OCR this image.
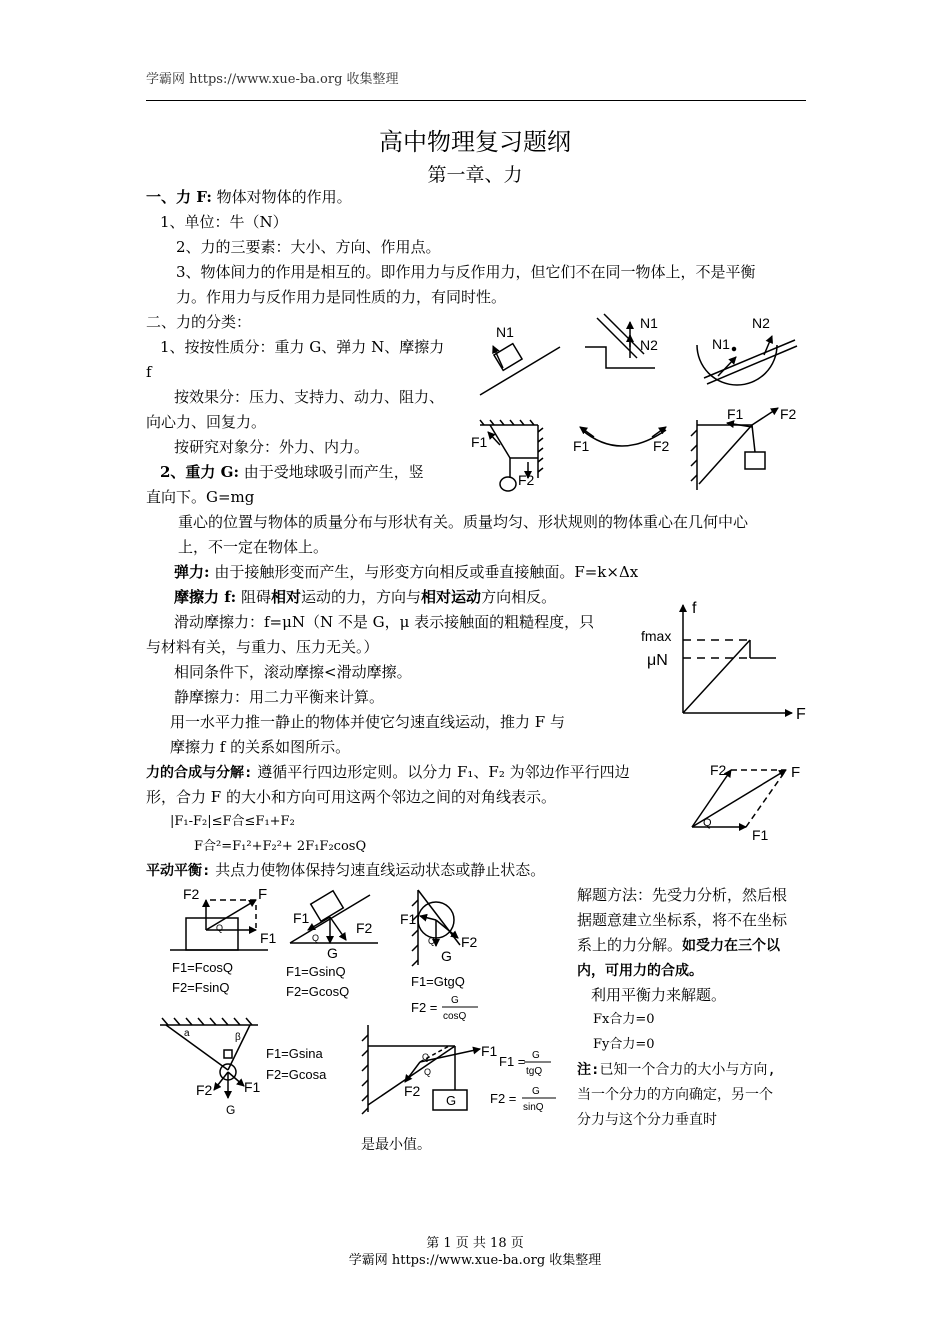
学霸网 https://www.xue-ba.org 收集整理
高中物理复习题纲
第一章、力
一、力 F: 物体对物体的作用。
1、单位：牛（N）
2、力的三要素：大小、方向、作用点。
3、物体间力的作用是相互的。即作用力与反作用力，但它们不在同一物体上，不是平衡
力。作用力与反作用力是同性质的力，有同时性。
二、力的分类：
1、按按性质分：重力 G、弹力 N、摩擦力
f
按效果分：压力、支持力、动力、阻力、
向心力、回复力。
按研究对象分：外力、内力。
2、重力 G: 由于受地球吸引而产生，竖
直向下。G=mg
重心的位置与物体的质量分布与形状有关。质量均匀、形状规则的物体重心在几何中心
上，不一定在物体上。
弹力: 由于接触形变而产生，与形变方向相反或垂直接触面。F=k×Δx
摩擦力 f: 阻碍相对运动的力，方向与相对运动方向相反。
滑动摩擦力：f=μN（N 不是 G，μ 表示接触面的粗糙程度，只
与材料有关，与重力、压力无关。）
相同条件下，滚动摩擦<滑动摩擦。
静摩擦力：用二力平衡来计算。
用一水平力推一静止的物体并使它匀速直线运动，推力 F 与
摩擦力 f 的关系如图所示。
力的合成与分解: 遵循平行四边形定则。以分力 F₁、F₂ 为邻边作平行四边
形，合力 F 的大小和方向可用这两个邻边之间的对角线表示。
|F₁-F₂|≤F合≤F₁+F₂
F合²=F₁²+F₂²+ 2F₁F₂cosQ
平动平衡: 共点力使物体保持匀速直线运动状态或静止状态。
解题方法：先受力分析，然后根
据题意建立坐标系，将不在坐标
系上的力分解。如受力在三个以
内，可用力的合成。
利用平衡力来解题。
Fx合力=0
Fy合力=0
注:已知一个合力的大小与方向,
当一个分力的方向确定，另一个
分力与这个分力垂直时
是最小值。
N1
N1
N2	N1
N2
F1
F2
F1	F2
F1	F2
f
fmax
μN
F
F2	F
F1
Q
F2	F
F1
Q
F1=FcosQ
F2=FsinQ
F1
F2
G
Q
F1=GsinQ
F2=GcosQ
F1
F2
G
Q
F1=GtgQ
F2 = G
cosQ
a	β
F2 F1
G
F1=Gsina
F2=Gcosa
F1
F2
G
Q
Q
F1 = G
tgQ
F2 = G
sinQ
第 1 页 共 18 页
学霸网 https://www.xue-ba.org 收集整理
